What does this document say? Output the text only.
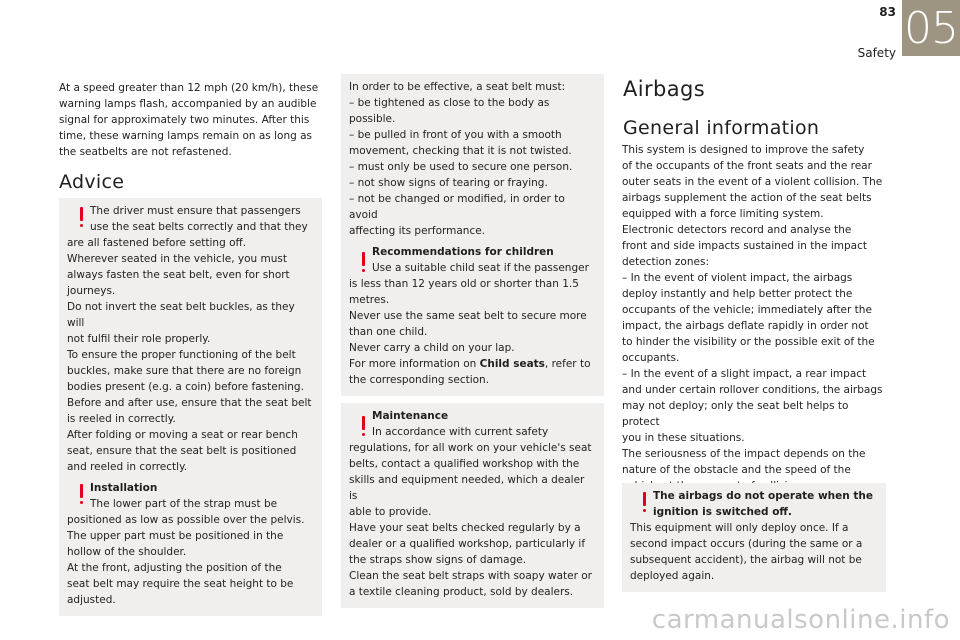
83
Safety 05
At a speed greater than 12 mph (20 km/h), these
warning lamps flash, accompanied by an audible
signal for approximately two minutes. After this
time, these warning lamps remain on as long as
the seatbelts are not refastened.
Advice
The driver must ensure that passengers
use the seat belts correctly and that they
are all fastened before setting off.
Wherever seated in the vehicle, you must
always fasten the seat belt, even for short
journeys.
Do not invert the seat belt buckles, as they will
not fulfil their role properly.
To ensure the proper functioning of the belt
buckles, make sure that there are no foreign
bodies present (e.g. a coin) before fastening.
Before and after use, ensure that the seat belt
is reeled in correctly.
After folding or moving a seat or rear bench
seat, ensure that the seat belt is positioned
and reeled in correctly.
Installation
The lower part of the strap must be
positioned as low as possible over the pelvis.
The upper part must be positioned in the
hollow of the shoulder.
At the front, adjusting the position of the
seat belt may require the seat height to be
adjusted.
In order to be effective, a seat belt must:
– be tightened as close to the body as
possible.
– be pulled in front of you with a smooth
movement, checking that it is not twisted.
– must only be used to secure one person.
– not show signs of tearing or fraying.
– not be changed or modified, in order to avoid
affecting its performance.
Recommendations for children
Use a suitable child seat if the passenger
is less than 12 years old or shorter than 1.5
metres.
Never use the same seat belt to secure more
than one child.
Never carry a child on your lap.
For more information on Child seats, refer to
the corresponding section.
Maintenance
In accordance with current safety
regulations, for all work on your vehicle's seat
belts, contact a qualified workshop with the
skills and equipment needed, which a dealer is
able to provide.
Have your seat belts checked regularly by a
dealer or a qualified workshop, particularly if
the straps show signs of damage.
Clean the seat belt straps with soapy water or
a textile cleaning product, sold by dealers.
Airbags
General information
This system is designed to improve the safety
of the occupants of the front seats and the rear
outer seats in the event of a violent collision. The
airbags supplement the action of the seat belts
equipped with a force limiting system.
Electronic detectors record and analyse the
front and side impacts sustained in the impact
detection zones:
– In the event of violent impact, the airbags
deploy instantly and help better protect the
occupants of the vehicle; immediately after the
impact, the airbags deflate rapidly in order not
to hinder the visibility or the possible exit of the
occupants.
– In the event of a slight impact, a rear impact
and under certain rollover conditions, the airbags
may not deploy; only the seat belt helps to protect
you in these situations.
The seriousness of the impact depends on the
nature of the obstacle and the speed of the
The airbags do not operate when the
ignition is switched off.
This equipment will only deploy once. If a
second impact occurs (during the same or a
subsequent accident), the airbag will not be
deployed again.
carmanualsonline.info
